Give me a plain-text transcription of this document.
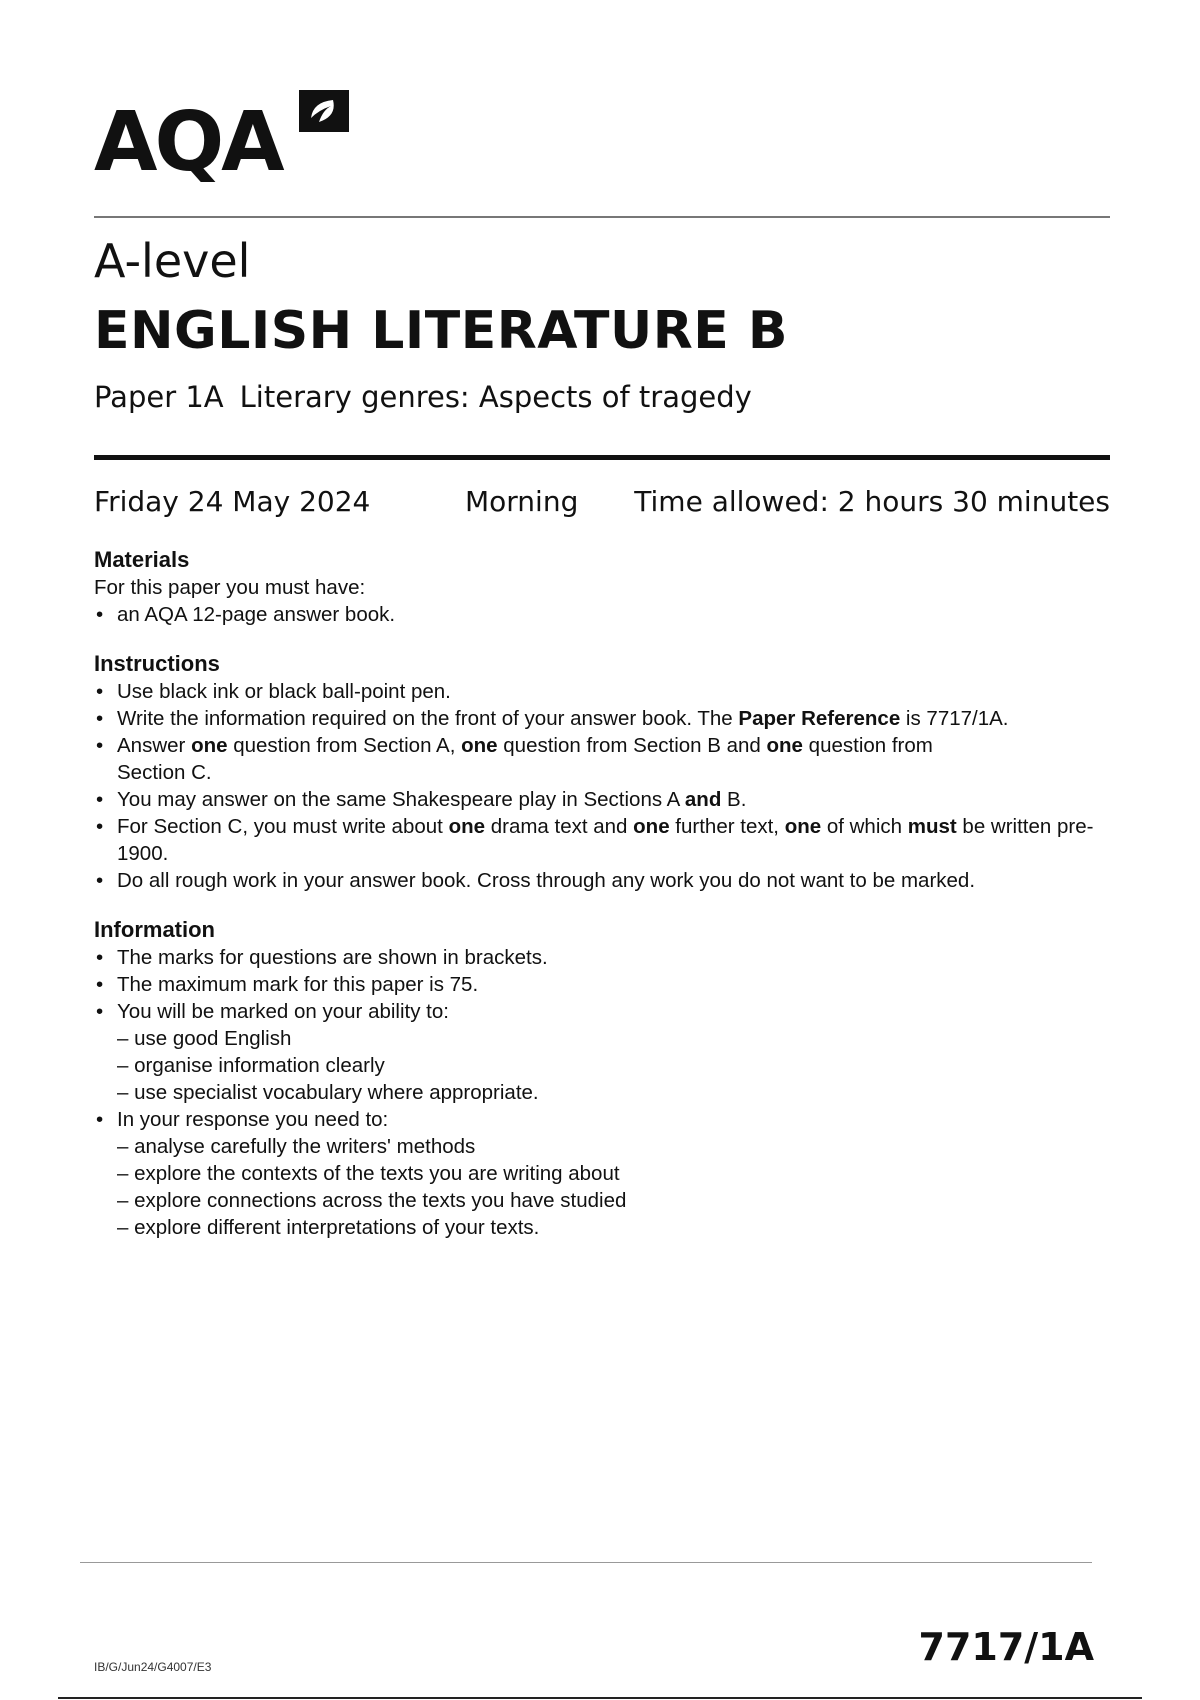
AQA
A-level
ENGLISH LITERATURE B
Paper 1A Literary genres: Aspects of tragedy
Friday 24 May 2024	Morning Time allowed: 2 hours 30 minutes

Materials

For this paper you must have:

• an AQA 12-page answer book.

Instructions

• Use black ink or black ball-point pen.
• Write the information required on the front of your answer book. The Paper Reference is 7717/1A.
• Answer one question from Section A, one question from Section B and one question from Section C.
• You may answer on the same Shakespeare play in Sections A and B.
• For Section C, you must write about one drama text and one further text, one of which must be written pre-1900.
• Do all rough work in your answer book. Cross through any work you do not want to be marked.

Information

• The marks for questions are shown in brackets.
• The maximum mark for this paper is 75.
• You will be marked on your ability to:
– use good English
– organise information clearly
– use specialist vocabulary where appropriate.
• In your response you need to:
– analyse carefully the writers' methods
– explore the contexts of the texts you are writing about
– explore connections across the texts you have studied
– explore different interpretations of your texts.
IB/G/Jun24/G4007/E3	7717/1A
